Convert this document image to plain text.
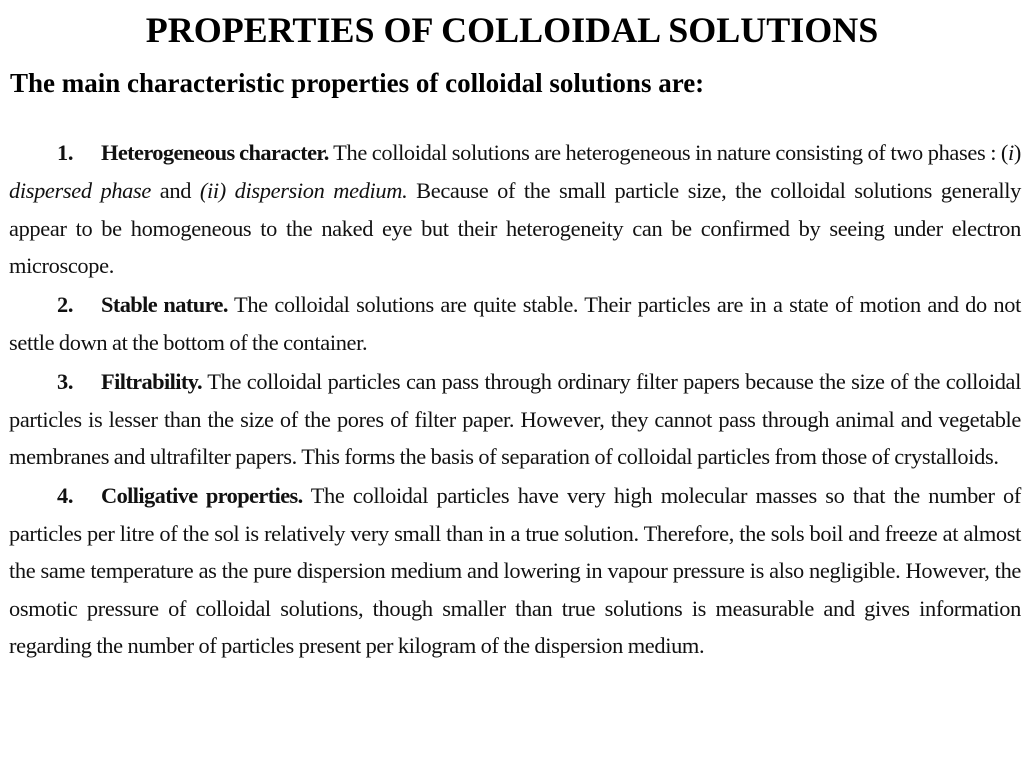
PROPERTIES OF COLLOIDAL SOLUTIONS

The main characteristic properties of colloidal solutions are:

1. Heterogeneous character. The colloidal solutions are heterogeneous in nature consisting of two phases : (i) dispersed phase and (ii) dispersion medium. Because of the small particle size, the colloidal solutions generally appear to be homogeneous to the naked eye but their heterogeneity can be confirmed by seeing under electron microscope.

2. Stable nature. The colloidal solutions are quite stable. Their particles are in a state of motion and do not settle down at the bottom of the container.

3. Filtrability. The colloidal particles can pass through ordinary filter papers because the size of the colloidal particles is lesser than the size of the pores of filter paper. However, they cannot pass through animal and vegetable membranes and ultrafilter papers. This forms the basis of separation of colloidal particles from those of crystalloids.

4. Colligative properties. The colloidal particles have very high molecular masses so that the number of particles per litre of the sol is relatively very small than in a true solution. Therefore, the sols boil and freeze at almost the same temperature as the pure dispersion medium and lowering in vapour pressure is also negligible. However, the osmotic pressure of colloidal solutions, though smaller than true solutions is measurable and gives information regarding the number of particles present per kilogram of the dispersion medium.
